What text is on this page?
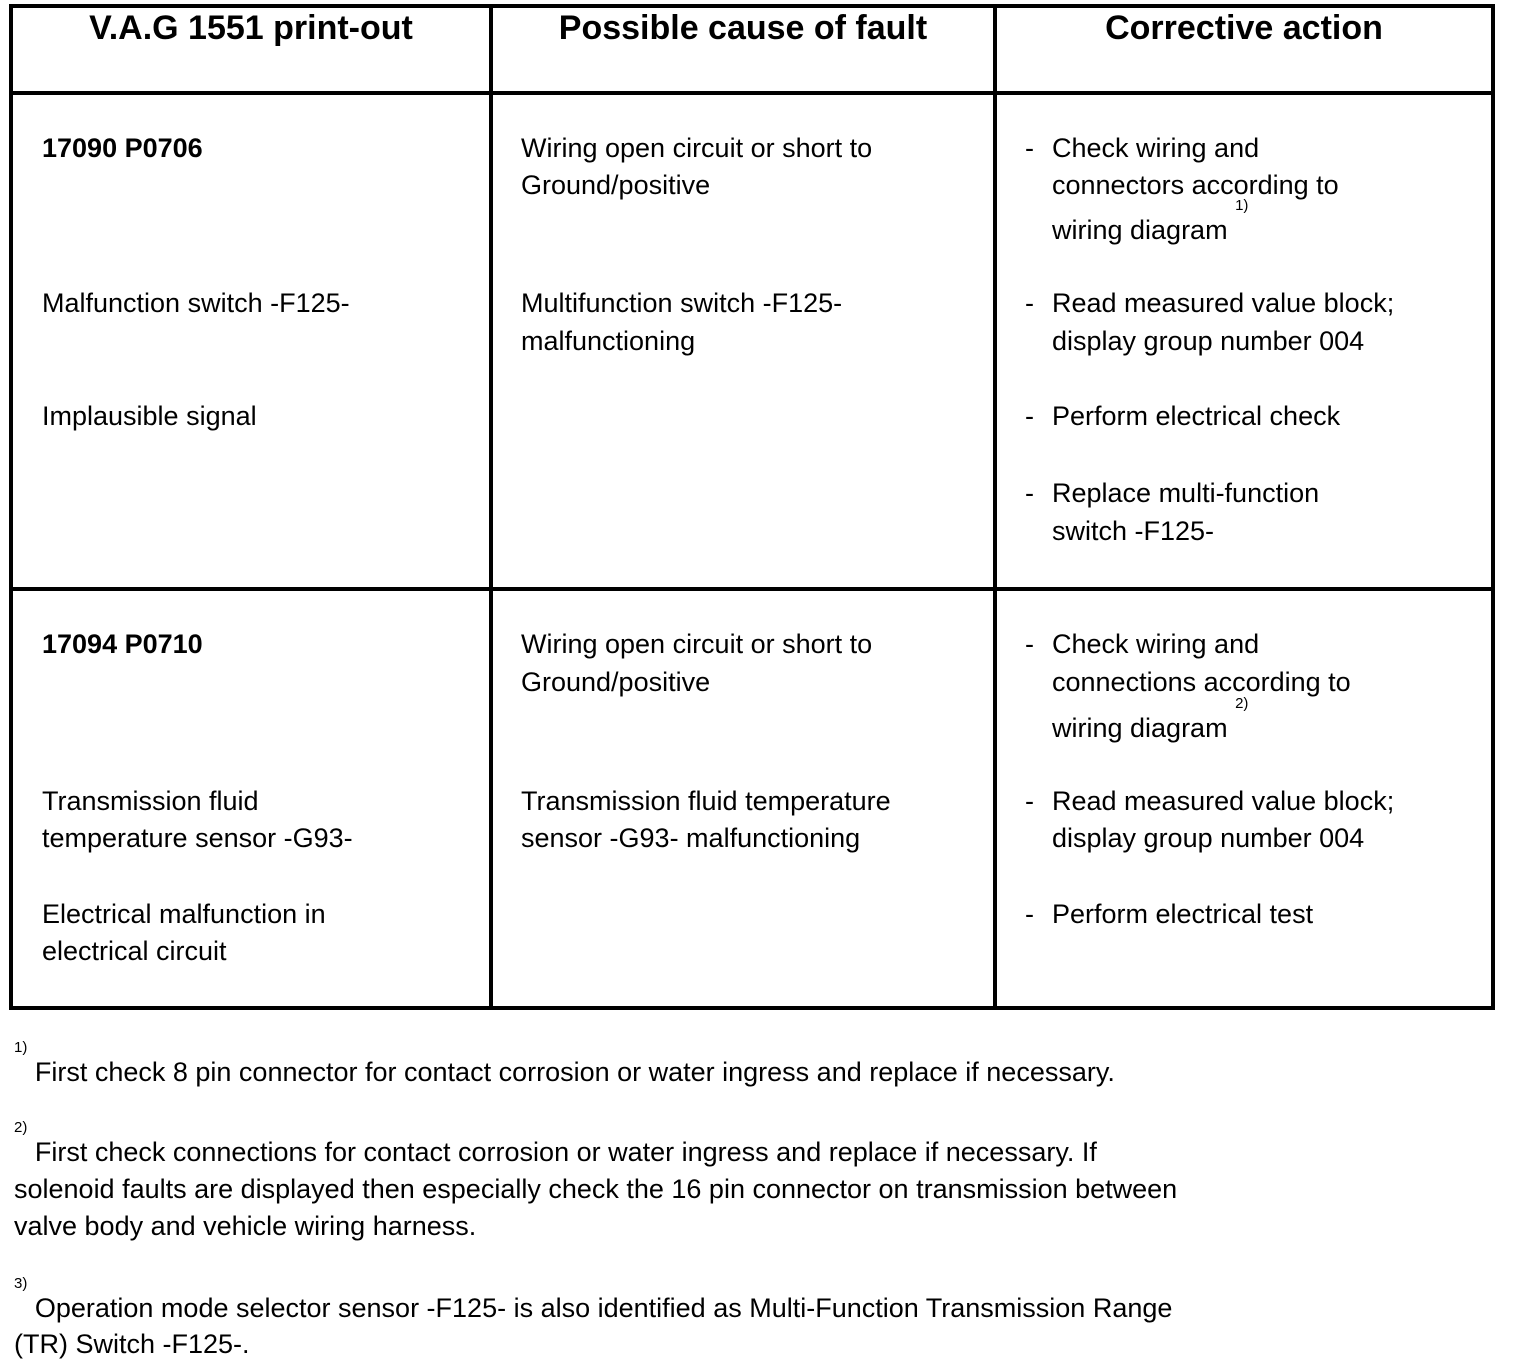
V.A.G 1551 print-out	Possible cause of fault	Corrective action
17090 P0706
Malfunction switch -F125-
Implausible signal
Wiring open circuit or short to
Ground/positive
Multifunction switch -F125-
malfunctioning
- Check wiring and
connectors according to
wiring diagram $^{1)}$
- Read measured value block;
display group number 004
- Perform electrical check
- Replace multi-function
switch -F125-
17094 P0710
Transmission fluid
temperature sensor -G93-
Electrical malfunction in
electrical circuit
Wiring open circuit or short to
Ground/positive
Transmission fluid temperature
sensor -G93- malfunctioning
- Check wiring and
connections according to
wiring diagram $^{2)}$
- Read measured value block;
display group number 004
- Perform electrical test
$^{1)}$ First check 8 pin connector for contact corrosion or water ingress and replace if necessary.
$^{2)}$ First check connections for contact corrosion or water ingress and replace if necessary. If
solenoid faults are displayed then especially check the 16 pin connector on transmission between
valve body and vehicle wiring harness.
$^{3)}$ Operation mode selector sensor -F125- is also identified as Multi-Function Transmission Range
(TR) Switch -F125-.
